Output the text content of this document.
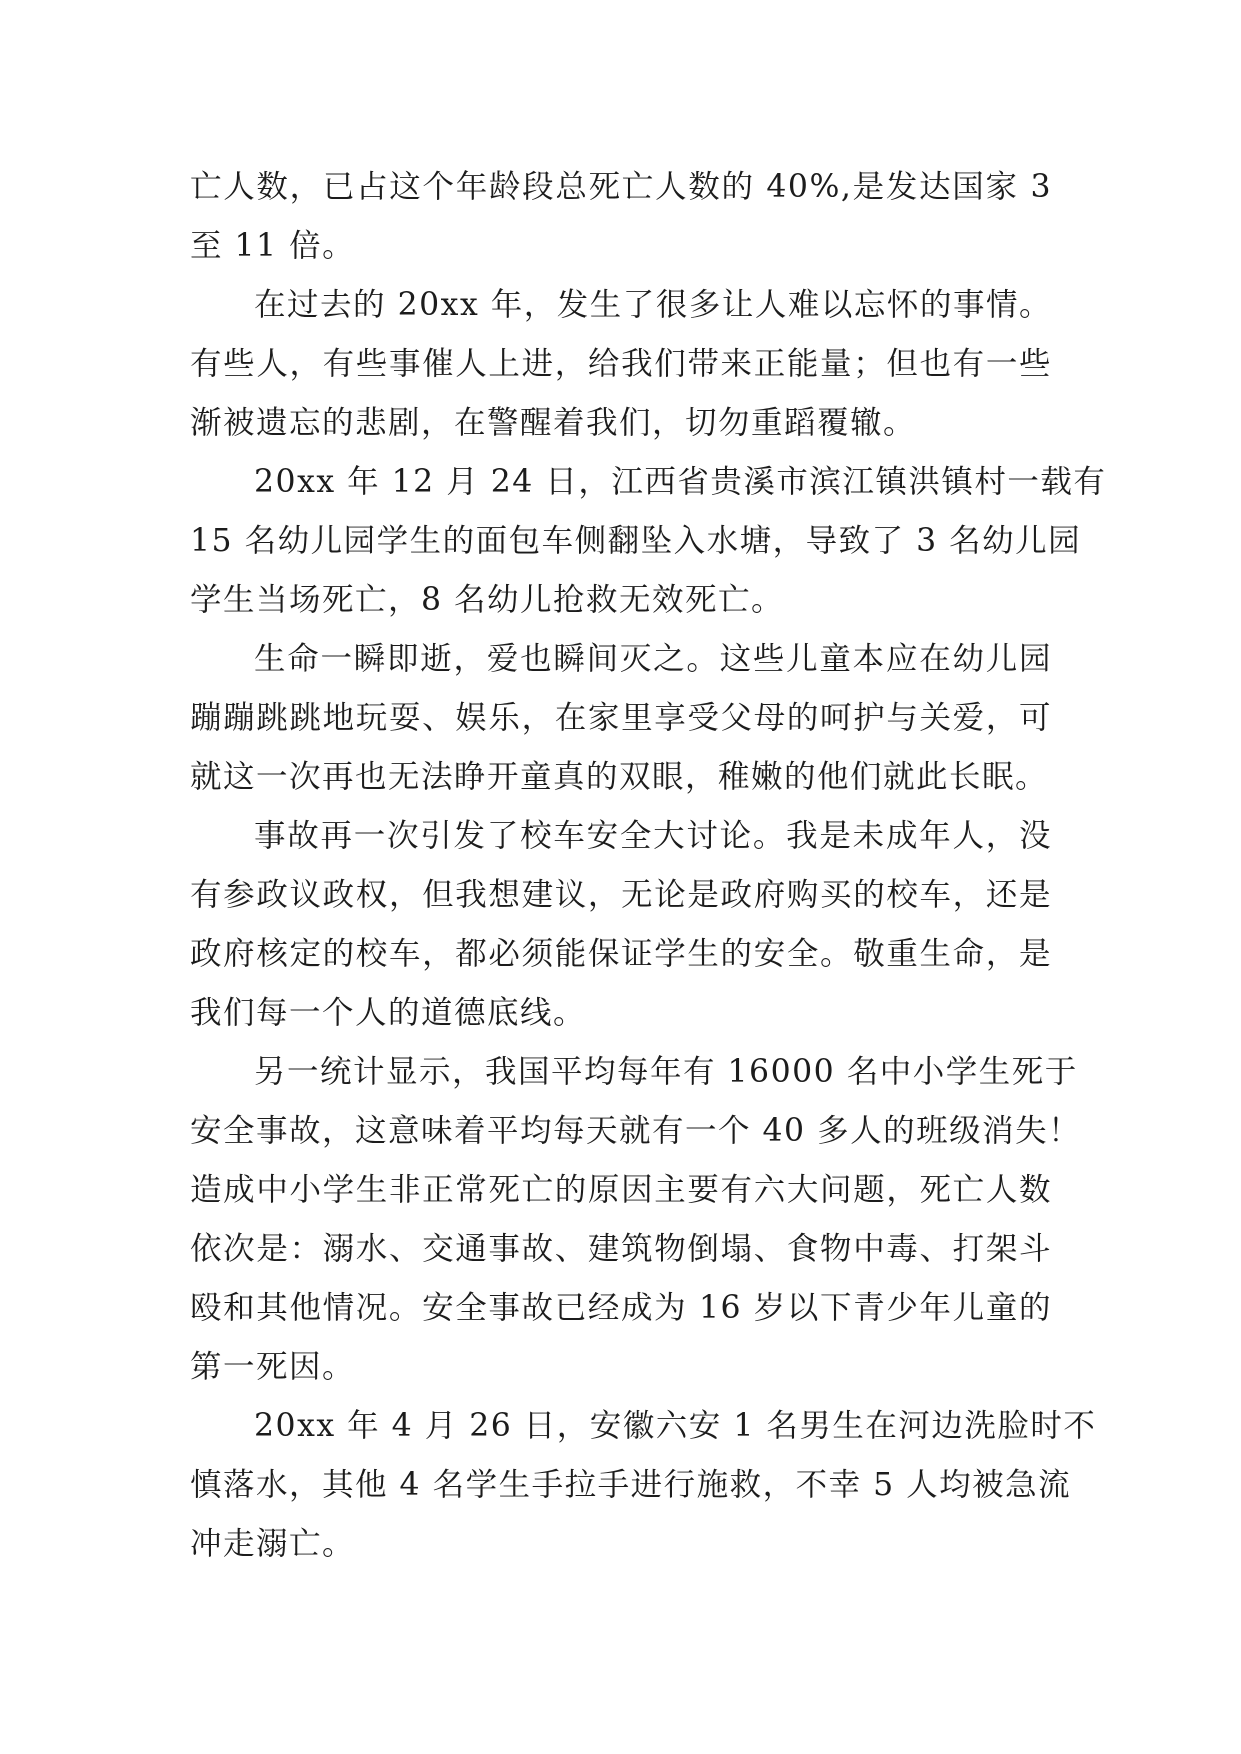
亡人数，已占这个年龄段总死亡人数的 40%,是发达国家 3
至 11 倍。
在过去的 20xx 年，发生了很多让人难以忘怀的事情。
有些人，有些事催人上进，给我们带来正能量；但也有一些
渐被遗忘的悲剧，在警醒着我们，切勿重蹈覆辙。
20xx 年 12 月 24 日，江西省贵溪市滨江镇洪镇村一载有
15 名幼儿园学生的面包车侧翻坠入水塘，导致了 3 名幼儿园
学生当场死亡，8 名幼儿抢救无效死亡。
生命一瞬即逝，爱也瞬间灭之。这些儿童本应在幼儿园
蹦蹦跳跳地玩耍、娱乐，在家里享受父母的呵护与关爱，可
就这一次再也无法睁开童真的双眼，稚嫩的他们就此长眠。
事故再一次引发了校车安全大讨论。我是未成年人，没
有参政议政权，但我想建议，无论是政府购买的校车，还是
政府核定的校车，都必须能保证学生的安全。敬重生命，是
我们每一个人的道德底线。
另一统计显示，我国平均每年有 16000 名中小学生死于
安全事故，这意味着平均每天就有一个 40 多人的班级消失！
造成中小学生非正常死亡的原因主要有六大问题，死亡人数
依次是：溺水、交通事故、建筑物倒塌、食物中毒、打架斗
殴和其他情况。安全事故已经成为 16 岁以下青少年儿童的
第一死因。
20xx 年 4 月 26 日，安徽六安 1 名男生在河边洗脸时不
慎落水，其他 4 名学生手拉手进行施救，不幸 5 人均被急流
冲走溺亡。
